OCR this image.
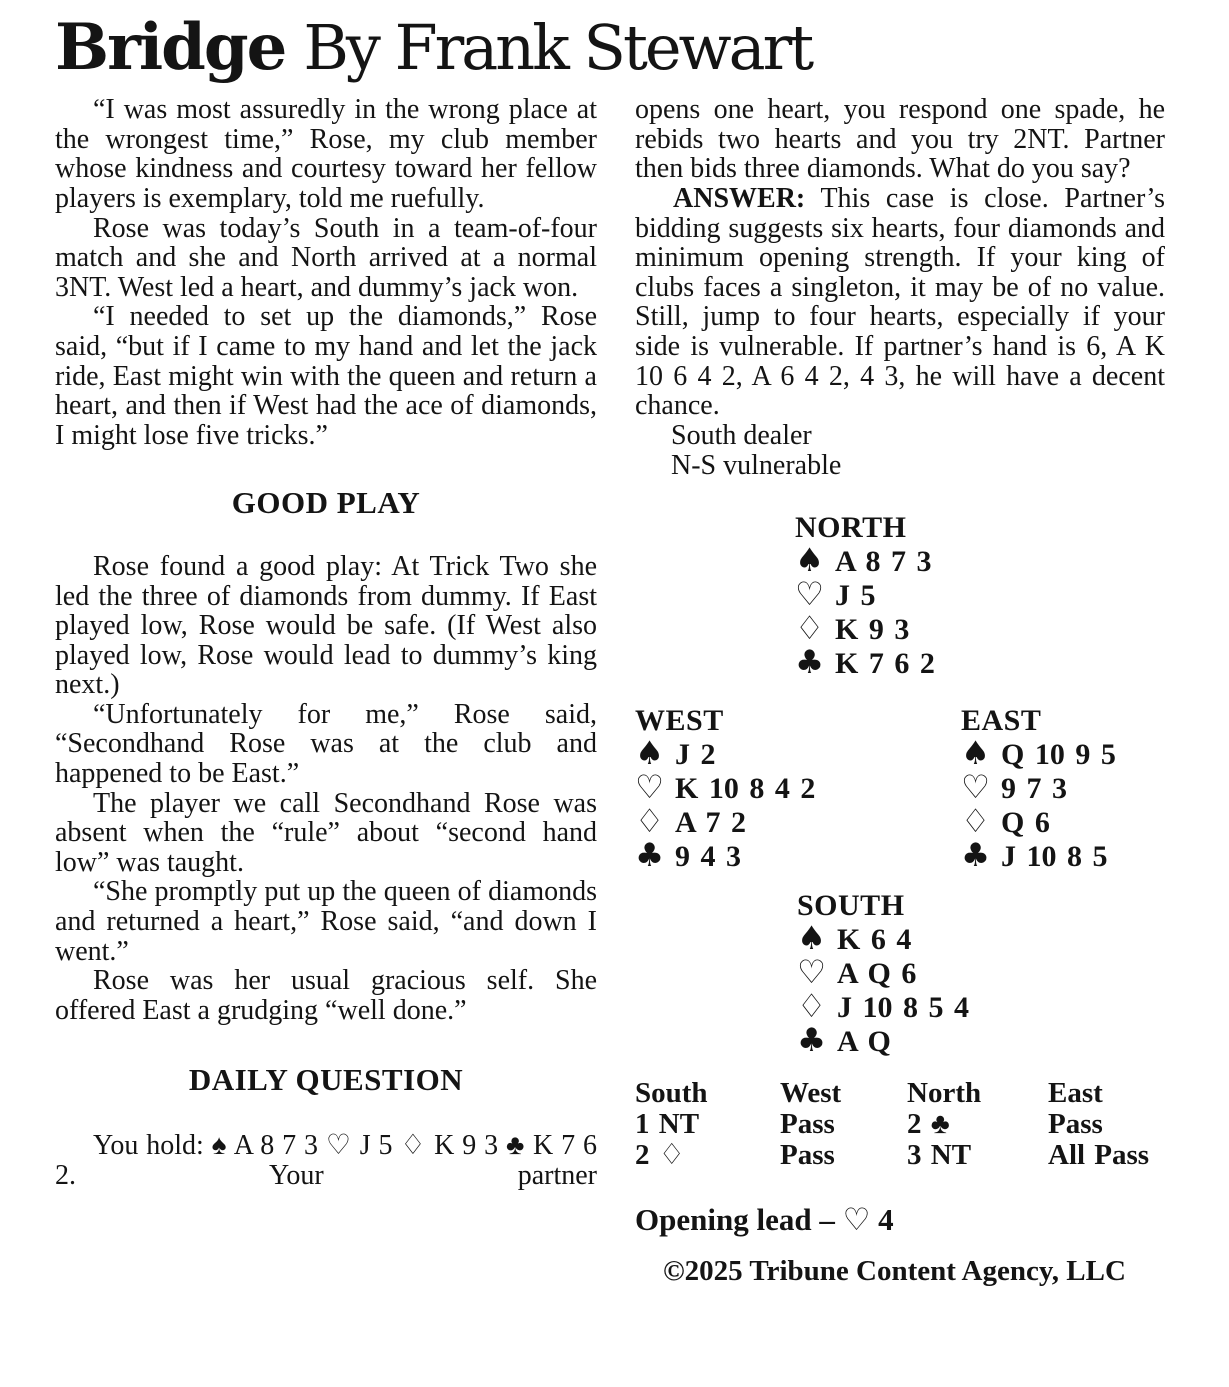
Bridge By Frank Stewart

“I was most assuredly in the wrong place at the wrongest time,” Rose, my club member whose kindness and courtesy toward her fellow players is exemplary, told me ruefully.

Rose was today’s South in a team-of-four match and she and North arrived at a normal 3NT. West led a heart, and dummy’s jack won.

“I needed to set up the diamonds,” Rose said, “but if I came to my hand and let the jack ride, East might win with the queen and return a heart, and then if West had the ace of diamonds, I might lose five tricks.”

GOOD PLAY

Rose found a good play: At Trick Two she led the three of diamonds from dummy. If East played low, Rose would be safe. (If West also played low, Rose would lead to dummy’s king next.)

“Unfortunately for me,” Rose said, “Secondhand Rose was at the club and happened to be East.”

The player we call Secondhand Rose was absent when the “rule” about “second hand low” was taught.

“She promptly put up the queen of diamonds and returned a heart,” Rose said, “and down I went.”

Rose was her usual gracious self. She offered East a grudging “well done.”

DAILY QUESTION

You hold: ♠ A 8 7 3 ♡ J 5 ♢ K 9 3 ♣ K 7 6 2. Your partner

opens one heart, you respond one spade, he rebids two hearts and you try 2NT. Partner then bids three diamonds. What do you say?

ANSWER: This case is close. Partner’s bidding suggests six hearts, four diamonds and minimum opening strength. If your king of clubs faces a singleton, it may be of no value. Still, jump to four hearts, especially if your side is vulnerable. If partner’s hand is 6, A K 10 6 4 2, A 6 4 2, 4 3, he will have a decent chance.

South dealer
N-S vulnerable
NORTH
♠ A 8 7 3
♡ J 5
♢ K 9 3
♣ K 7 6 2
WEST
♠ J 2
♡ K 10 8 4 2
♢ A 7 2
♣ 9 4 3
EAST
♠ Q 10 9 5
♡ 9 7 3
♢ Q 6
♣ J 10 8 5
SOUTH
♠ K 6 4
♡ A Q 6
♢ J 10 8 5 4
♣ A Q
South	West	North	East
1 NT	Pass	2 ♣	Pass
2 ♢	Pass	3 NT	All Pass
Opening lead – ♡ 4
©2025 Tribune Content Agency, LLC
